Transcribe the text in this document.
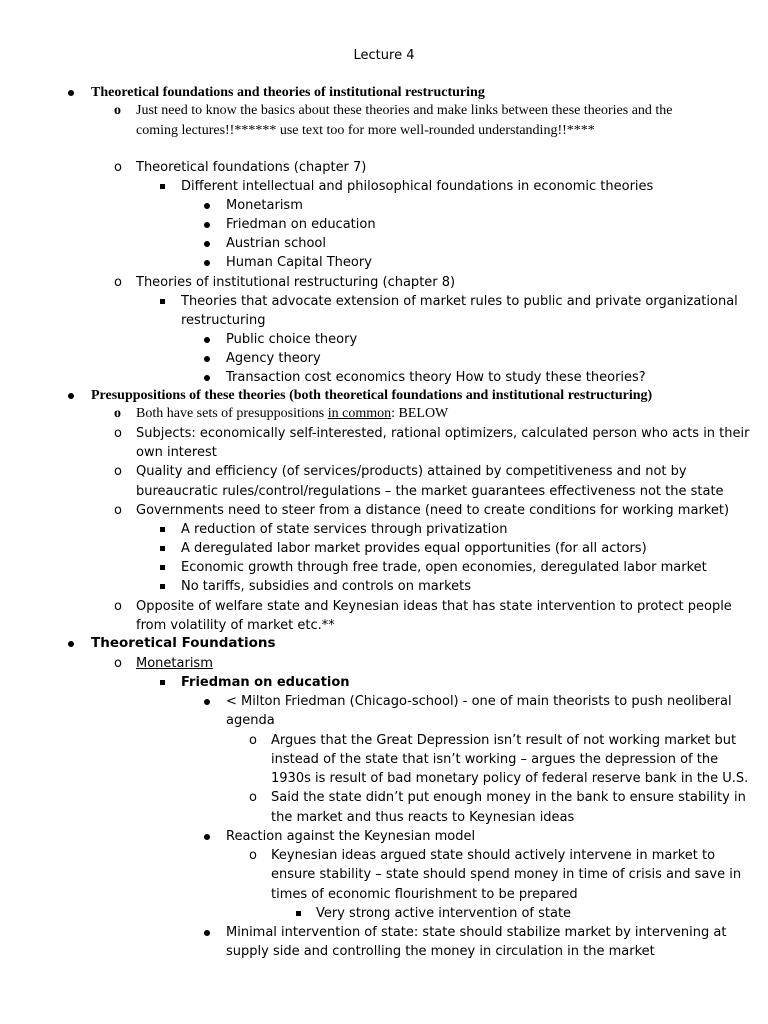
Lecture 4
Theoretical foundations and theories of institutional restructuring
o Just need to know the basics about these theories and make links between these theories and the
coming lectures!!****** use text too for more well-rounded understanding!!****
o Theoretical foundations (chapter 7)
Different intellectual and philosophical foundations in economic theories
Monetarism
Friedman on education
Austrian school
Human Capital Theory
o Theories of institutional restructuring (chapter 8)
Theories that advocate extension of market rules to public and private organizational
restructuring
Public choice theory
Agency theory
Transaction cost economics theory How to study these theories?
Presuppositions of these theories (both theoretical foundations and institutional restructuring)
o Both have sets of presuppositions in common: BELOW
o Subjects: economically self-interested, rational optimizers, calculated person who acts in their
own interest
o Quality and efficiency (of services/products) attained by competitiveness and not by
bureaucratic rules/control/regulations – the market guarantees effectiveness not the state
o Governments need to steer from a distance (need to create conditions for working market)
A reduction of state services through privatization
A deregulated labor market provides equal opportunities (for all actors)
Economic growth through free trade, open economies, deregulated labor market
No tariffs, subsidies and controls on markets
o Opposite of welfare state and Keynesian ideas that has state intervention to protect people
from volatility of market etc.**
Theoretical Foundations
o Monetarism
Friedman on education
< Milton Friedman (Chicago-school) - one of main theorists to push neoliberal
agenda
o Argues that the Great Depression isn’t result of not working market but
instead of the state that isn’t working – argues the depression of the
1930s is result of bad monetary policy of federal reserve bank in the U.S.
o Said the state didn’t put enough money in the bank to ensure stability in
the market and thus reacts to Keynesian ideas
Reaction against the Keynesian model
o Keynesian ideas argued state should actively intervene in market to
ensure stability – state should spend money in time of crisis and save in
times of economic flourishment to be prepared
Very strong active intervention of state
Minimal intervention of state: state should stabilize market by intervening at
supply side and controlling the money in circulation in the market
